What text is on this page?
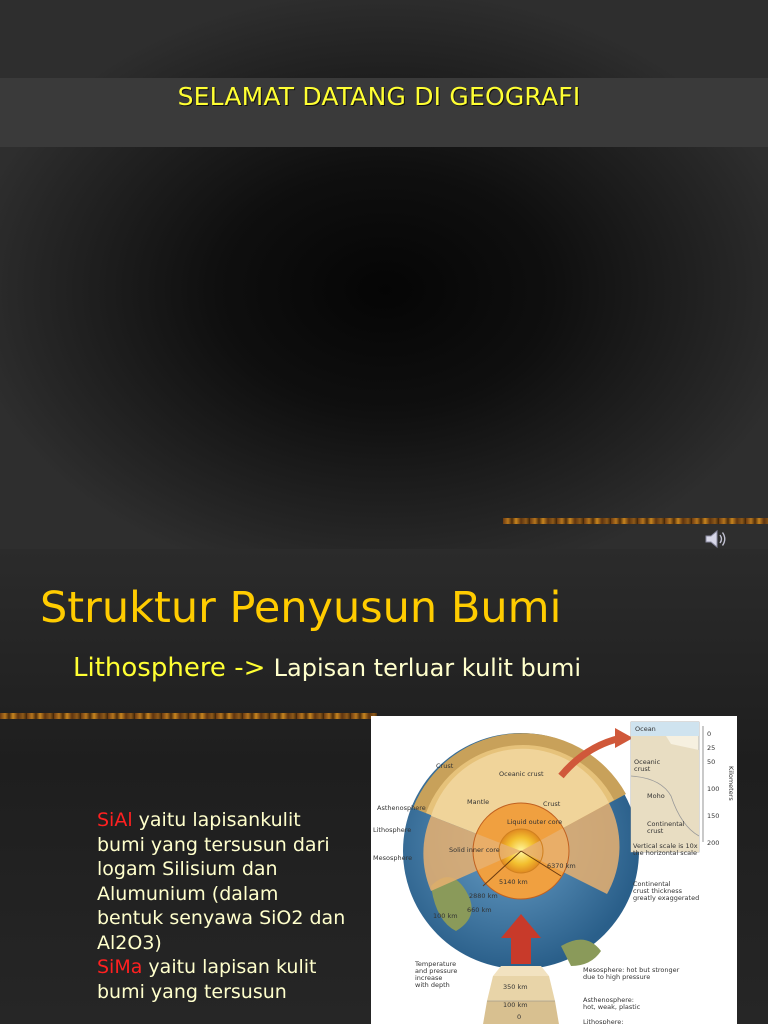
SELAMAT DATANG DI GEOGRAFI
Struktur Penyusun Bumi
Lithosphere -> Lapisan terluar kulit bumi
SiAl yaitu lapisankulit bumi yang tersusun dari logam Silisium dan Alumunium (dalam bentuk senyawa SiO2 dan Al2O3)
SiMa yaitu lapisan kulit bumi yang tersusun
Crust
Oceanic crust
Asthenosphere
Mantle	Crust
Lithosphere
Liquid outer core
Solid inner core
Mesosphere
5140 km
2880 km
6370 km
660 km
100 km
Temperature and pressure increase with depth	350 km
100 km
0
Mesosphere: hot but stronger due to high pressure
Asthenosphere: hot, weak, plastic
Lithosphere:
Ocean
Oceanic crust
Moho
Continental crust
Vertical scale is 10x the horizontal scale
Continental crust thickness greatly exaggerated
0
25
50
100
150
200
Kilometers
